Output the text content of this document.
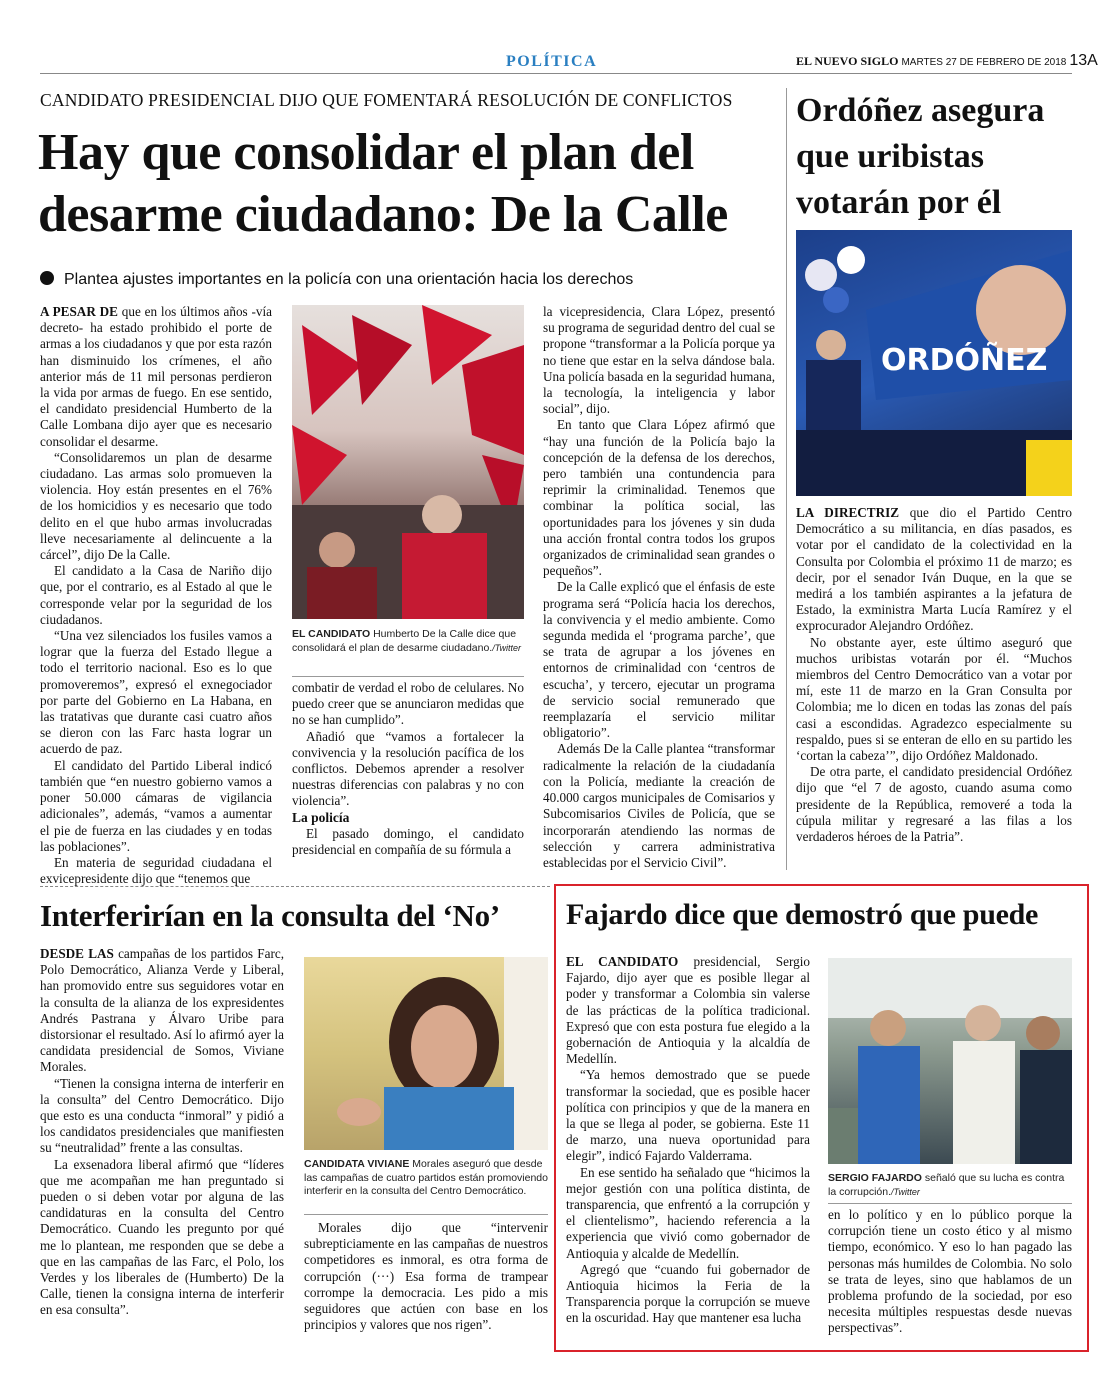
POLÍTICA	EL NUEVO SIGLO MARTES 27 DE FEBRERO DE 2018 13A
CANDIDATO PRESIDENCIAL DIJO QUE FOMENTARÁ RESOLUCIÓN DE CONFLICTOS
Hay que consolidar el plan del
desarme ciudadano: De la Calle
Plantea ajustes importantes en la policía con una orientación hacia los derechos

A PESAR DE que en los últimos años -vía decreto- ha estado prohibido el porte de armas a los ciudadanos y que por esta razón han disminuido los crímenes, el año anterior más de 11 mil personas perdieron la vida por armas de fuego. En ese sentido, el candidato presidencial Humberto de la Calle Lombana dijo ayer que es necesario consolidar el desarme.

“Consolidaremos un plan de desarme ciudadano. Las armas solo promueven la violencia. Hoy están presentes en el 76% de los homicidios y es necesario que todo delito en el que hubo armas involucradas lleve necesariamente al delincuente a la cárcel”, dijo De la Calle.

El candidato a la Casa de Nariño dijo que, por el contrario, es al Estado al que le corresponde velar por la seguridad de los ciudadanos.

“Una vez silenciados los fusiles vamos a lograr que la fuerza del Estado llegue a todo el territorio nacional. Eso es lo que promoveremos”, expresó el exnegociador por parte del Gobierno en La Habana, en las tratativas que durante casi cuatro años se dieron con las Farc hasta lograr un acuerdo de paz.

El candidato del Partido Liberal indicó también que “en nuestro gobierno vamos a poner 50.000 cámaras de vigilancia adicionales”, además, “vamos a aumentar el pie de fuerza en las ciudades y en todas las poblaciones”.

En materia de seguridad ciudadana el exvicepresidente dijo que “tenemos que

EL CANDIDATO Humberto De la Calle dice que consolidará el plan de desarme ciudadano./Twitter

combatir de verdad el robo de celulares. No puedo creer que se anunciaron medidas que no se han cumplido”.

Añadió que “vamos a fortalecer la convivencia y la resolución pacífica de los conflictos. Debemos aprender a resolver nuestras diferencias con palabras y no con violencia”.

La policía

El pasado domingo, el candidato presidencial en compañía de su fórmula a

la vicepresidencia, Clara López, presentó su programa de seguridad dentro del cual se propone “transformar a la Policía porque ya no tiene que estar en la selva dándose bala. Una policía basada en la seguridad humana, la tecnología, la inteligencia y labor social”, dijo.

En tanto que Clara López afirmó que “hay una función de la Policía bajo la concepción de la defensa de los derechos, pero también una contundencia para reprimir la criminalidad. Tenemos que combinar la política social, las oportunidades para los jóvenes y sin duda una acción frontal contra todos los grupos organizados de criminalidad sean grandes o pequeños”.

De la Calle explicó que el énfasis de este programa será “Policía hacia los derechos, la convivencia y el medio ambiente. Como segunda medida el ‘programa parche’, que se trata de agrupar a los jóvenes en entornos de criminalidad con ‘centros de escucha’, y tercero, ejecutar un programa de servicio social remunerado que reemplazaría el servicio militar obligatorio”.

Además De la Calle plantea “transformar radicalmente la relación de la ciudadanía con la Policía, mediante la creación de 40.000 cargos municipales de Comisarios y Subcomisarios Civiles de Policía, que se incorporarán atendiendo las normas de selección y carrera administrativa establecidas por el Servicio Civil”.

Ordóñez asegura
que uribistas
votarán por él
ORDÓÑEZ

LA DIRECTRIZ que dio el Partido Centro Democrático a su militancia, en días pasados, es votar por el candidato de la colectividad en la Consulta por Colombia el próximo 11 de marzo; es decir, por el senador Iván Duque, en la que se medirá a los también aspirantes a la jefatura de Estado, la exministra Marta Lucía Ramírez y el exprocurador Alejandro Ordóñez.

No obstante ayer, este último aseguró que muchos uribistas votarán por él. “Muchos miembros del Centro Democrático van a votar por mí, este 11 de marzo en la Gran Consulta por Colombia; me lo dicen en todas las zonas del país casi a escondidas. Agradezco especialmente su respaldo, pues si se enteran de ello en su partido les ‘cortan la cabeza’”, dijo Ordóñez Maldonado.

De otra parte, el candidato presidencial Ordóñez dijo que “el 7 de agosto, cuando asuma como presidente de la República, removeré a toda la cúpula militar y regresaré a las filas a los verdaderos héroes de la Patria”.

Interferirían en la consulta del ‘No’

DESDE LAS campañas de los partidos Farc, Polo Democrático, Alianza Verde y Liberal, han promovido entre sus seguidores votar en la consulta de la alianza de los expresidentes Andrés Pastrana y Álvaro Uribe para distorsionar el resultado. Así lo afirmó ayer la candidata presidencial de Somos, Viviane Morales.

“Tienen la consigna interna de interferir en la consulta” del Centro Democrático. Dijo que esto es una conducta “inmoral” y pidió a los candidatos presidenciales que manifiesten su “neutralidad” frente a las consultas.

La exsenadora liberal afirmó que “líderes que me acompañan me han preguntado si pueden o si deben votar por alguna de las candidaturas en la consulta del Centro Democrático. Cuando les pregunto por qué me lo plantean, me responden que se debe a que en las campañas de las Farc, el Polo, los Verdes y los liberales de (Humberto) De la Calle, tienen la consigna interna de interferir en esa consulta”.

CANDIDATA VIVIANE Morales aseguró que desde las campañas de cuatro partidos están promoviendo interferir en la consulta del Centro Democrático.

Morales dijo que “intervenir subrepticiamente en las campañas de nuestros competidores es inmoral, es otra forma de corrupción (···) Esa forma de trampear corrompe la democracia. Les pido a mis seguidores que actúen con base en los principios y valores que nos rigen”.

Fajardo dice que demostró que puede

EL CANDIDATO presidencial, Sergio Fajardo, dijo ayer que es posible llegar al poder y transformar a Colombia sin valerse de las prácticas de la política tradicional. Expresó que con esta postura fue elegido a la gobernación de Antioquia y la alcaldía de Medellín.

“Ya hemos demostrado que se puede transformar la sociedad, que es posible hacer política con principios y que de la manera en la que se llega al poder, se gobierna. Este 11 de marzo, una nueva oportunidad para elegir”, indicó Fajardo Valderrama.

En ese sentido ha señalado que “hicimos la mejor gestión con una política distinta, de transparencia, que enfrentó a la corrupción y el clientelismo”, haciendo referencia a la experiencia que vivió como gobernador de Antioquia y alcalde de Medellín.

Agregó que “cuando fui gobernador de Antioquia hicimos la Feria de la Transparencia porque la corrupción se mueve en la oscuridad. Hay que mantener esa lucha

SERGIO FAJARDO señaló que su lucha es contra la corrupción./Twitter

en lo político y en lo público porque la corrupción tiene un costo ético y al mismo tiempo, económico. Y eso lo han pagado las personas más humildes de Colombia. No solo se trata de leyes, sino que hablamos de un problema profundo de la sociedad, por eso necesita múltiples respuestas desde nuevas perspectivas”.
